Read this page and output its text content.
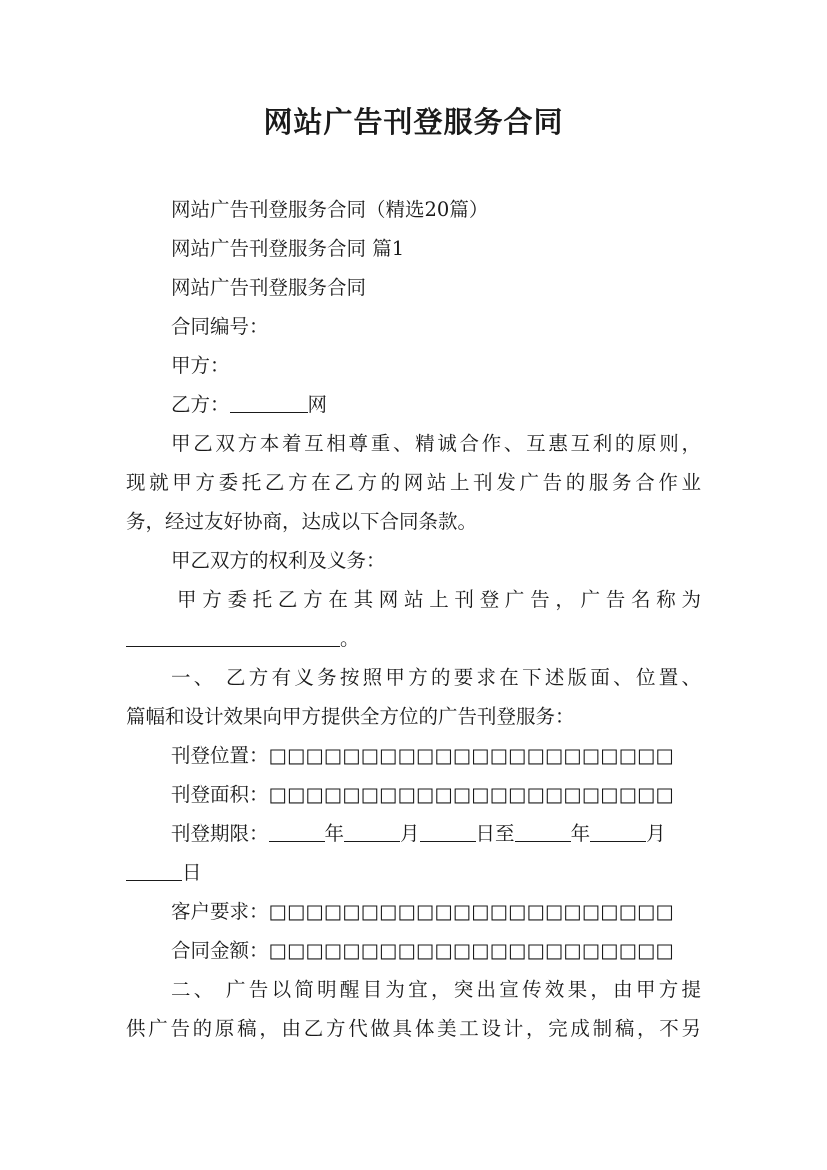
网站广告刊登服务合同
网站广告刊登服务合同（精选20篇）
网站广告刊登服务合同 篇1
网站广告刊登服务合同
合同编号：
甲方：
乙方：	网
甲乙双方本着互相尊重、精诚合作、互惠互利的原则，
现就甲方委托乙方在乙方的网站上刊发广告的服务合作业
务，经过友好协商，达成以下合同条款。
甲乙双方的权利及义务：
甲方委托乙方在其网站上刊登广告，广告名称为
。
一、 乙方有义务按照甲方的要求在下述版面、位置、
篇幅和设计效果向甲方提供全方位的广告刊登服务：
刊登位置：□□□□□□□□□□□□□□□□□□□□□□
刊登面积：□□□□□□□□□□□□□□□□□□□□□□
刊登期限：	年	月	日至	年	月
日
客户要求：□□□□□□□□□□□□□□□□□□□□□□
合同金额：□□□□□□□□□□□□□□□□□□□□□□
二、 广告以简明醒目为宜，突出宣传效果，由甲方提
供广告的原稿，由乙方代做具体美工设计，完成制稿，不另
